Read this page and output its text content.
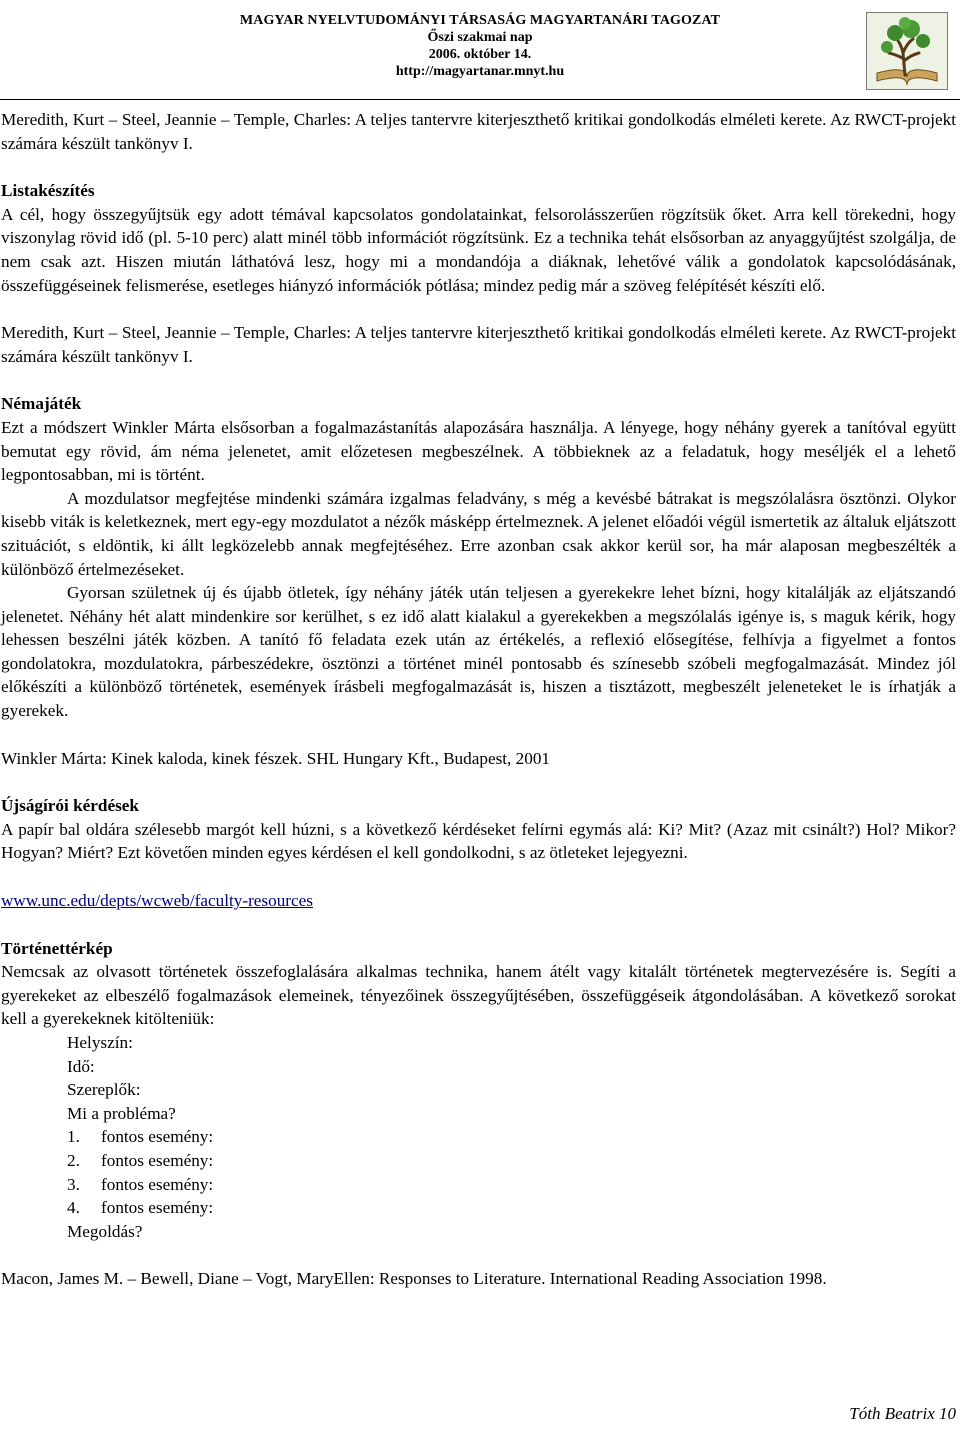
MAGYAR NYELVTUDOMÁNYI TÁRSASÁG MAGYARTANÁRI TAGOZAT
Őszi szakmai nap
2006. október 14.
http://magyartanar.mnyt.hu

Meredith, Kurt – Steel, Jeannie – Temple, Charles: A teljes tantervre kiterjeszthető kritikai gondolkodás elméleti kerete. Az RWCT-projekt számára készült tankönyv I.

Listakészítés

A cél, hogy összegyűjtsük egy adott témával kapcsolatos gondolatainkat, felsorolásszerűen rögzítsük őket. Arra kell törekedni, hogy viszonylag rövid idő (pl. 5-10 perc) alatt minél több információt rögzítsünk. Ez a technika tehát elsősorban az anyaggyűjtést szolgálja, de nem csak azt. Hiszen miután láthatóvá lesz, hogy mi a mondandója a diáknak, lehetővé válik a gondolatok kapcsolódásának, összefüggéseinek felismerése, esetleges hiányzó információk pótlása; mindez pedig már a szöveg felépítését készíti elő.

Meredith, Kurt – Steel, Jeannie – Temple, Charles: A teljes tantervre kiterjeszthető kritikai gondolkodás elméleti kerete. Az RWCT-projekt számára készült tankönyv I.

Némajáték

Ezt a módszert Winkler Márta elsősorban a fogalmazástanítás alapozására használja. A lényege, hogy néhány gyerek a tanítóval együtt bemutat egy rövid, ám néma jelenetet, amit előzetesen megbeszélnek. A többieknek az a feladatuk, hogy meséljék el a lehető legpontosabban, mi is történt.

A mozdulatsor megfejtése mindenki számára izgalmas feladvány, s még a kevésbé bátrakat is megszólalásra ösztönzi. Olykor kisebb viták is keletkeznek, mert egy-egy mozdulatot a nézők másképp értelmeznek. A jelenet előadói végül ismertetik az általuk eljátszott szituációt, s eldöntik, ki állt legközelebb annak megfejtéséhez. Erre azonban csak akkor kerül sor, ha már alaposan megbeszélték a különböző értelmezéseket.

Gyorsan születnek új és újabb ötletek, így néhány játék után teljesen a gyerekekre lehet bízni, hogy kitalálják az eljátszandó jelenetet. Néhány hét alatt mindenkire sor kerülhet, s ez idő alatt kialakul a gyerekekben a megszólalás igénye is, s maguk kérik, hogy lehessen beszélni játék közben. A tanító fő feladata ezek után az értékelés, a reflexió elősegítése, felhívja a figyelmet a fontos gondolatokra, mozdulatokra, párbeszédekre, ösztönzi a történet minél pontosabb és színesebb szóbeli megfogalmazását. Mindez jól előkészíti a különböző történetek, események írásbeli megfogalmazását is, hiszen a tisztázott, megbeszélt jeleneteket le is írhatják a gyerekek.

Winkler Márta: Kinek kaloda, kinek fészek. SHL Hungary Kft., Budapest, 2001

Újságírói kérdések

A papír bal oldára szélesebb margót kell húzni, s a következő kérdéseket felírni egymás alá: Ki? Mit? (Azaz mit csinált?) Hol? Mikor? Hogyan? Miért? Ezt követően minden egyes kérdésen el kell gondolkodni, s az ötleteket lejegyezni.

www.unc.edu/depts/wcweb/faculty-resources

Történettérkép

Nemcsak az olvasott történetek összefoglalására alkalmas technika, hanem átélt vagy kitalált történetek megtervezésére is. Segíti a gyerekeket az elbeszélő fogalmazások elemeinek, tényezőinek összegyűjtésében, összefüggéseik átgondolásában. A következő sorokat kell a gyerekeknek kitölteniük:

Helyszín:
Idő:
Szereplők:
Mi a probléma?
1. fontos esemény:
2. fontos esemény:
3. fontos esemény:
4. fontos esemény:
Megoldás?

Macon, James M. – Bewell, Diane – Vogt, MaryEllen: Responses to Literature. International Reading Association 1998.

Tóth Beatrix 10
